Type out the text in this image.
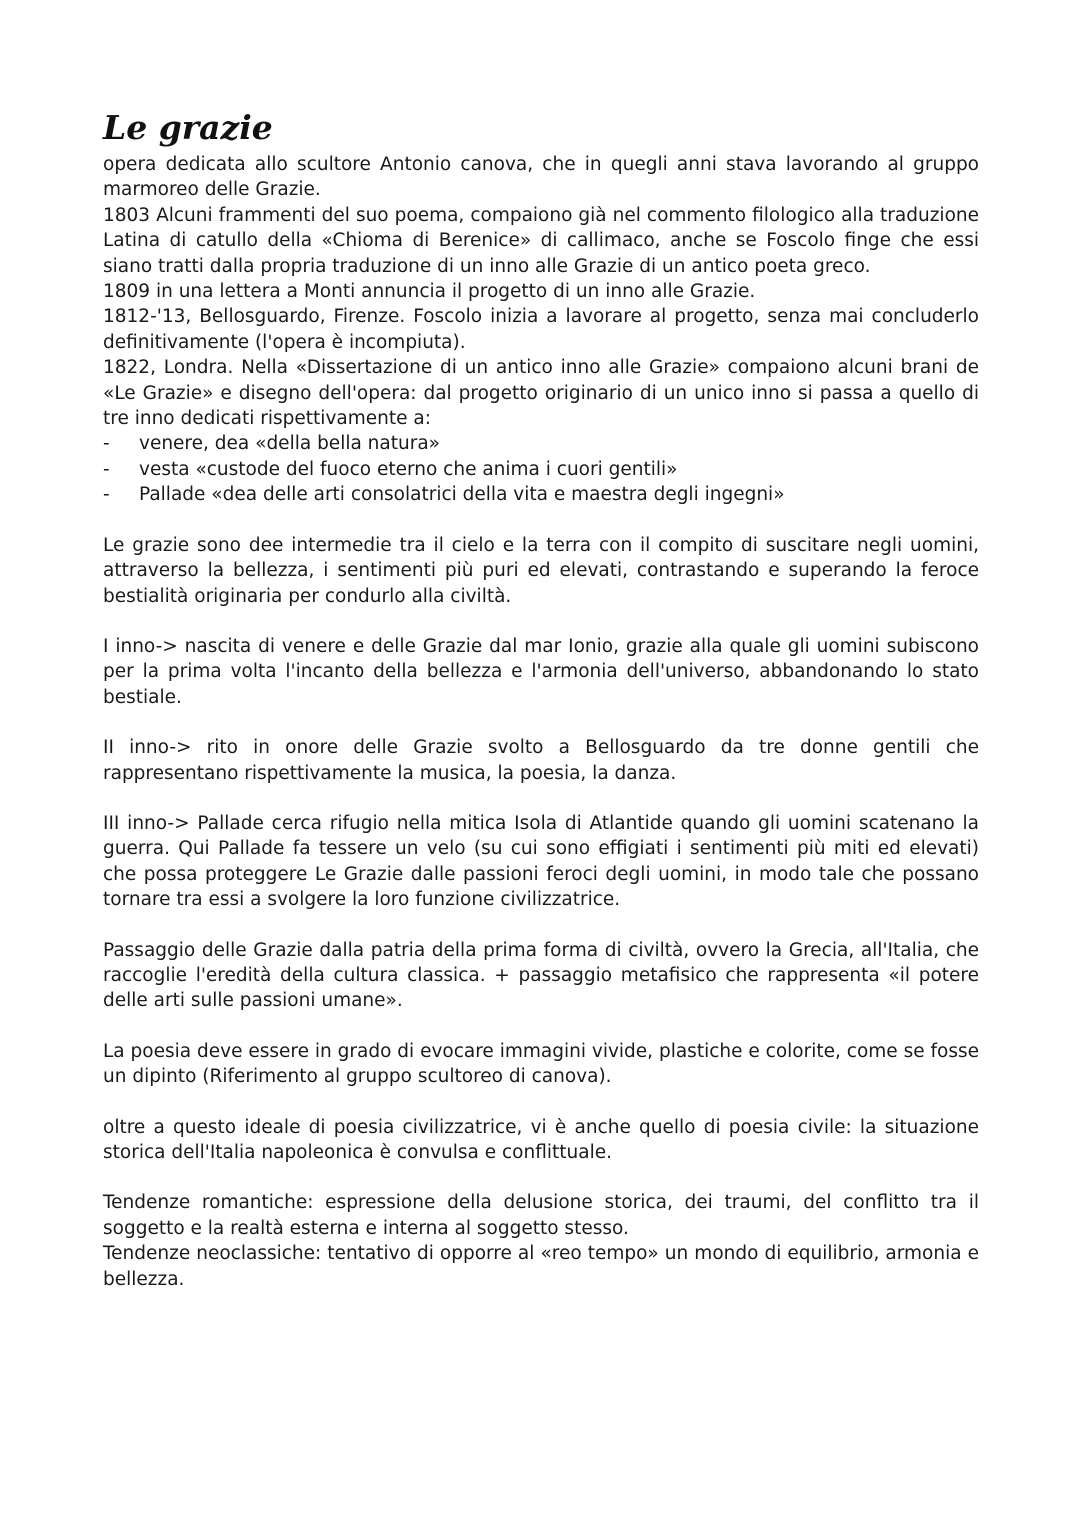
Le grazie

opera dedicata allo scultore Antonio canova, che in quegli anni stava lavorando al gruppo marmoreo delle Grazie.

1803 Alcuni frammenti del suo poema, compaiono già nel commento filologico alla traduzione Latina di catullo della «Chioma di Berenice» di callimaco, anche se Foscolo finge che essi siano tratti dalla propria traduzione di un inno alle Grazie di un antico poeta greco.

1809 in una lettera a Monti annuncia il progetto di un inno alle Grazie.

1812-'13, Bellosguardo, Firenze. Foscolo inizia a lavorare al progetto, senza mai concluderlo definitivamente (l'opera è incompiuta).

1822, Londra. Nella «Dissertazione di un antico inno alle Grazie» compaiono alcuni brani de «Le Grazie» e disegno dell'opera: dal progetto originario di un unico inno si passa a quello di tre inno dedicati rispettivamente a:

- venere, dea «della bella natura»
- vesta «custode del fuoco eterno che anima i cuori gentili»
- Pallade «dea delle arti consolatrici della vita e maestra degli ingegni»

Le grazie sono dee intermedie tra il cielo e la terra con il compito di suscitare negli uomini, attraverso la bellezza, i sentimenti più puri ed elevati, contrastando e superando la feroce bestialità originaria per condurlo alla civiltà.

I inno-> nascita di venere e delle Grazie dal mar Ionio, grazie alla quale gli uomini subiscono per la prima volta l'incanto della bellezza e l'armonia dell'universo, abbandonando lo stato bestiale.

II inno-> rito in onore delle Grazie svolto a Bellosguardo da tre donne gentili che rappresentano rispettivamente la musica, la poesia, la danza.

III inno-> Pallade cerca rifugio nella mitica Isola di Atlantide quando gli uomini scatenano la guerra. Qui Pallade fa tessere un velo (su cui sono effigiati i sentimenti più miti ed elevati) che possa proteggere Le Grazie dalle passioni feroci degli uomini, in modo tale che possano tornare tra essi a svolgere la loro funzione civilizzatrice.

Passaggio delle Grazie dalla patria della prima forma di civiltà, ovvero la Grecia, all'Italia, che raccoglie l'eredità della cultura classica. + passaggio metafisico che rappresenta «il potere delle arti sulle passioni umane».

La poesia deve essere in grado di evocare immagini vivide, plastiche e colorite, come se fosse un dipinto (Riferimento al gruppo scultoreo di canova).

oltre a questo ideale di poesia civilizzatrice, vi è anche quello di poesia civile: la situazione storica dell'Italia napoleonica è convulsa e conflittuale.

Tendenze romantiche: espressione della delusione storica, dei traumi, del conflitto tra il soggetto e la realtà esterna e interna al soggetto stesso.

Tendenze neoclassiche: tentativo di opporre al «reo tempo» un mondo di equilibrio, armonia e bellezza.
